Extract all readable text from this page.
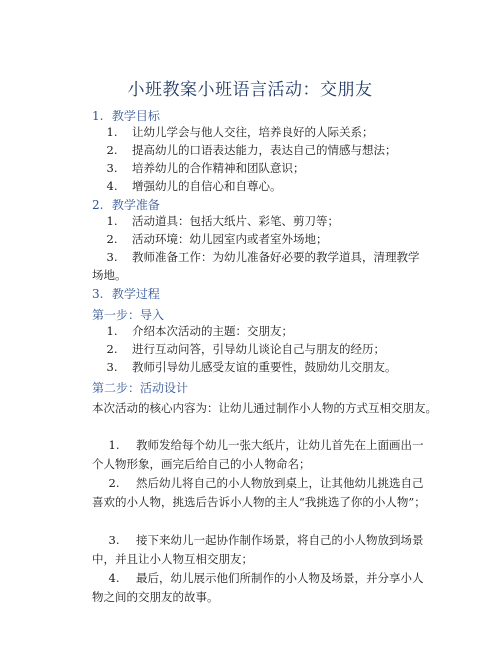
小班教案小班语言活动：交朋友
1. 教学目标
1. 让幼儿学会与他人交往，培养良好的人际关系；
2. 提高幼儿的口语表达能力，表达自己的情感与想法；
3. 培养幼儿的合作精神和团队意识；
4. 增强幼儿的自信心和自尊心。
2. 教学准备
1. 活动道具：包括大纸片、彩笔、剪刀等；
2. 活动环境：幼儿园室内或者室外场地；
3. 教师准备工作：为幼儿准备好必要的教学道具，清理教学场地。
3. 教学过程
第一步：导入
1. 介绍本次活动的主题：交朋友；
2. 进行互动问答，引导幼儿谈论自己与朋友的经历；
3. 教师引导幼儿感受友谊的重要性，鼓励幼儿交朋友。
第二步：活动设计
本次活动的核心内容为：让幼儿通过制作小人物的方式互相交朋友。
1. 教师发给每个幼儿一张大纸片，让幼儿首先在上面画出一个人物形象，画完后给自己的小人物命名；
2. 然后幼儿将自己的小人物放到桌上，让其他幼儿挑选自己喜欢的小人物，挑选后告诉小人物的主人“我挑选了你的小人物”；
3. 接下来幼儿一起协作制作场景，将自己的小人物放到场景中，并且让小人物互相交朋友；
4. 最后，幼儿展示他们所制作的小人物及场景，并分享小人物之间的交朋友的故事。
